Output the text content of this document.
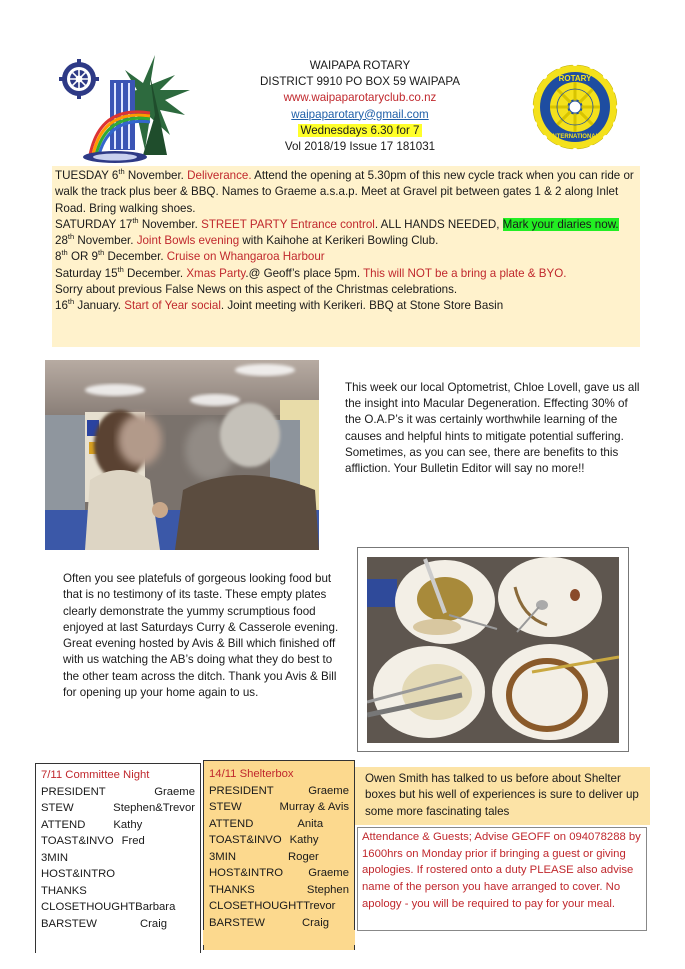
WAIPAPA ROTARY
DISTRICT 9910 PO BOX 59 WAIPAPA
www.waipaparotaryclub.co.nz
waipaparotary@gmail.com
Wednesdays 6.30 for 7
Vol 2018/19 Issue 17 181031
ROTARY
INTERNATIONAL
TUESDAY 6th November. Deliverance. Attend the opening at 5.30pm of this new cycle track when you can ride or walk the track plus beer & BBQ. Names to Graeme a.s.a.p. Meet at Gravel pit between gates 1 & 2 along Inlet Road. Bring walking shoes.
SATURDAY 17th November. STREET PARTY Entrance control. ALL HANDS NEEDED, Mark your diaries now.
28th November. Joint Bowls evening with Kaihohe at Kerikeri Bowling Club.
8th OR 9th December. Cruise on Whangaroa Harbour
Saturday 15th December. Xmas Party.@ Geoff’s place 5pm. This will NOT be a bring a plate & BYO.
Sorry about previous False News on this aspect of the Christmas celebrations.
16th January. Start of Year social. Joint meeting with Kerikeri. BBQ at Stone Store Basin
This week our local Optometrist, Chloe Lovell, gave us all the insight into Macular Degeneration. Effecting 30% of the O.A.P’s it was certainly worthwhile learning of the causes and helpful hints to mitigate potential suffering.
Sometimes, as you can see, there are benefits to this affliction. Your Bulletin Editor will say no more!!
Often you see platefuls of gorgeous looking food but that is no testimony of its taste. These empty plates clearly demonstrate the yummy scrumptious food enjoyed at last Saturdays Curry & Casserole evening. Great evening hosted by Avis & Bill which finished off with us watching the AB’s doing what they do best to the other team across the ditch. Thank you Avis & Bill for opening up your home again to us.
7/11 Committee Night
PRESIDENT	Graeme
STEW	Stephen&Trevor
ATTEND Kathy
TOAST&INVO Fred
3MIN
HOST&INTRO
THANKS
CLOSETHOUGHT Barbara
BARSTEW	Craig
14/11 Shelterbox
PRESIDENT	Graeme
STEW	Murray & Avis
ATTEND	Anita
TOAST&INVO Kathy
3MIN	Roger
HOST&INTRO Graeme
THANKS	Stephen
CLOSETHOUGHT Trevor
BARSTEW	Craig
Owen Smith has talked to us before about Shelter boxes but his well of experiences is sure to deliver up some more fascinating tales
Attendance & Guests; Advise GEOFF on 094078288 by 1600hrs on Monday prior if bringing a guest or giving apologies. If rostered onto a duty PLEASE also advise name of the person you have arranged to cover. No apology - you will be required to pay for your meal.
